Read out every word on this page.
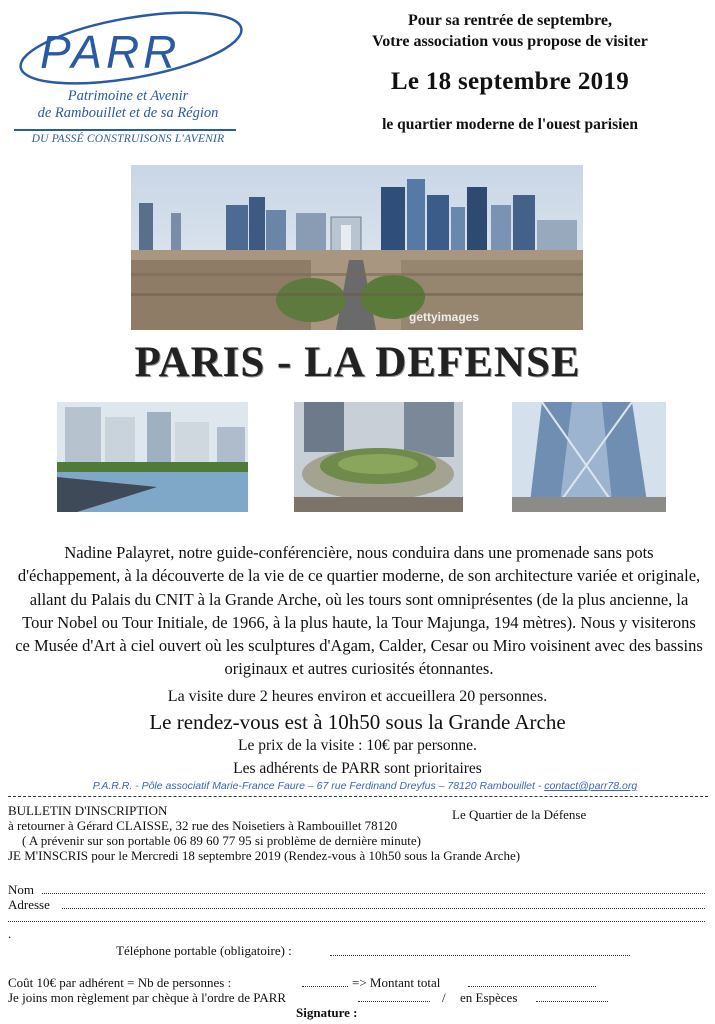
PARR
Patrimoine et Avenir
de Rambouillet et de sa Région
DU PASSÉ CONSTRUISONS L'AVENIR
Pour sa rentrée de septembre,
Votre association vous propose de visiter
Le 18 septembre 2019
le quartier moderne de l'ouest parisien
gettyimages
PARIS - LA DEFENSE
Nadine Palayret, notre guide-conférencière, nous conduira dans une promenade sans pots d'échappement, à la découverte de la vie de ce quartier moderne, de son architecture variée et originale, allant du Palais du CNIT à la Grande Arche, où les tours sont omniprésentes (de la plus ancienne, la Tour Nobel ou Tour Initiale, de 1966, à la plus haute, la Tour Majunga, 194 mètres). Nous y visiterons ce Musée d'Art à ciel ouvert où les sculptures d'Agam, Calder, Cesar ou Miro voisinent avec des bassins originaux et autres curiosités étonnantes.
La visite dure 2 heures environ et accueillera 20 personnes.
Le rendez-vous est à 10h50 sous la Grande Arche
Le prix de la visite : 10€ par personne.
Les adhérents de PARR sont prioritaires
P.A.R.R. - Pôle associatif Marie-France Faure – 67 rue Ferdinand Dreyfus – 78120 Rambouillet - contact@parr78.org
BULLETIN D'INSCRIPTION	Le Quartier de la Défense
à retourner à Gérard CLAISSE, 32 rue des Noisetiers à Rambouillet 78120
( A prévenir sur son portable 06 89 60 77 95 si problème de dernière minute)
JE M'INSCRIS pour le Mercredi 18 septembre 2019 (Rendez-vous à 10h50 sous la Grande Arche)
Nom
Adresse
.
Téléphone portable (obligatoire) :
Coût 10€ par adhérent = Nb de personnes :	=> Montant total
Je joins mon règlement par chèque à l'ordre de PARR	/ en Espèces
Signature :
